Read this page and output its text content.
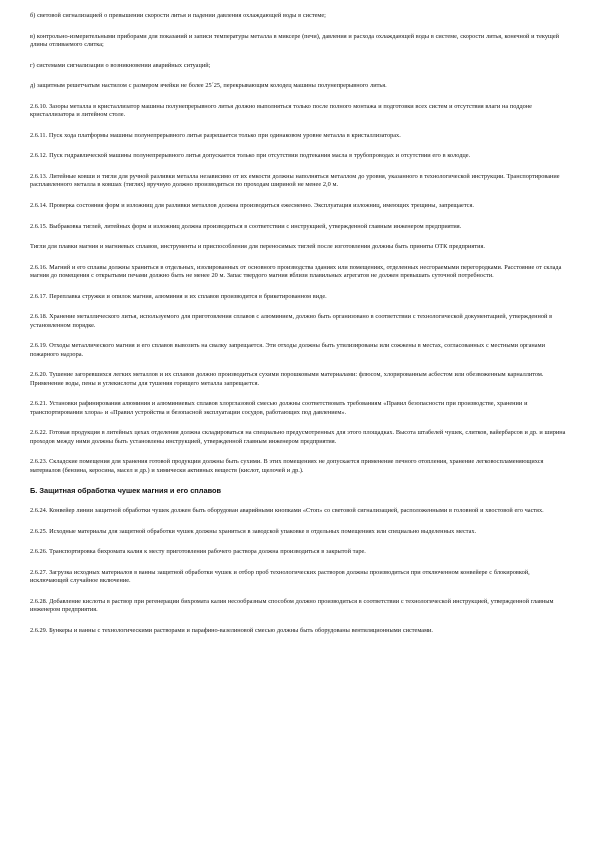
б) световой сигнализацией о превышении скорости литья и падении давления охлаждающей воды в системе;

в) контрольно-измерительными приборами для показаний и записи температуры металла в миксере (печи), давления и расхода охлаждающей воды в системе, скорости литья, конечной и текущей длины отливаемого слитка;

г) системами сигнализации о возникновении аварийных ситуаций;

д) защитным решетчатым настилом с размером ячейки не более 25´25, перекрывающим колодец машины полунепрерывного литья.

2.6.10. Зазоры металла в кристаллизатор машины полунепрерывного литья должно выполняться только после полного монтажа и подготовки всех систем и отсутствия влаги на поддоне кристаллизатора и литейном столе.

2.6.11. Пуск хода платформы машины полунепрерывного литья разрешается только при одинаковом уровне металла в кристаллизаторах.

2.6.12. Пуск гидравлической машины полунепрерывного литья допускается только при отсутствии подтекания масла в трубопроводах и отсутствии его в колодце.

2.6.13. Литейные ковши и тигли для ручной разливки металла независимо от их емкости должны наполняться металлом до уровня, указанного в технологической инструкции. Транспортирование расплавленного металла в ковшах (тиглях) вручную должно производиться по проходам шириной не менее 2,0 м.

2.6.14. Проверка состояния форм и изложниц для разливки металлов должна производиться ежесменно. Эксплуатация изложниц, имеющих трещины, запрещается.

2.6.15. Выбраковка тиглей, литейных форм и изложниц должна производиться в соответствии с инструкцией, утвержденной главным инженером предприятия.

Тигли для плавки магния и магниевых сплавов, инструменты и приспособления для переносимых тиглей после изготовления должны быть приняты ОТК предприятия.

2.6.16. Магний и его сплавы должны храниться в отдельных, изолированных от основного производства зданиях или помещениях, отделенных несгораемыми перегородками. Расстояние от склада магния до помещения с открытыми печами должно быть не менее 20 м. Запас твердого магния вблизи плавильных агрегатов не должен превышать суточной потребности.

2.6.17. Переплавка стружки и опилок магния, алюминия и их сплавов производится в брикетированном виде.

2.6.18. Хранение металлического литья, используемого для приготовления сплавов с алюминием, должно быть организовано в соответствии с технологической документацией, утвержденной в установленном порядке.

2.6.19. Отходы металлического магния и его сплавов вывозить на свалку запрещается. Эти отходы должны быть утилизированы или сожжены в местах, согласованных с местными органами пожарного надзора.

2.6.20. Тушение загоревшихся легких металлов и их сплавов должно производиться сухими порошковыми материалами: флюсом, хлорированным асбестом или обезвоженным карналлитом. Применение воды, пены и углекислоты для тушения горящего металла запрещается.

2.6.21. Установки рафинирования алюминия и алюминиевых сплавов хлорглазовой смесью должны соответствовать требованиям «Правил безопасности при производстве, хранении и транспортировании хлора» и «Правил устройства и безопасной эксплуатации сосудов, работающих под давлением».

2.6.22. Готовая продукция в литейных цехах отделения должна складироваться на специально предусмотренных для этого площадках. Высота штабелей чушек, слитков, вайербарсов и др. и ширина проходов между ними должны быть установлены инструкцией, утвержденной главным инженером предприятия.

2.6.23. Складские помещения для хранения готовой продукции должны быть сухими. В этих помещениях не допускается применение печного отопления, хранение легковоспламеняющихся материалов (бензина, керосина, масел и др.) и химически активных веществ (кислот, щелочей и др.).

Б. Защитная обработка чушек магния и его сплавов

2.6.24. Конвейер линии защитной обработки чушек должен быть оборудован аварийными кнопками «Стоп» со световой сигнализацией, расположенными в головной и хвостовой его частях.

2.6.25. Исходные материалы для защитной обработки чушек должны храниться в заводской упаковке в отдельных помещениях или специально выделенных местах.

2.6.26. Транспортировка бихромата калия к месту приготовления рабочего раствора должна производиться в закрытой таре.

2.6.27. Загрузка исходных материалов в ванны защитной обработки чушек и отбор проб технологических растворов должны производиться при отключенном конвейере с блокировкой, исключающей случайное включение.

2.6.28. Добавление кислоты в раствор при регенерации бихромата калия несообразным способом должно производиться в соответствии с технологической инструкцией, утвержденной главным инженером предприятия.

2.6.29. Бункеры и ванны с технологическими растворами и парафино-вазелиновой смесью должны быть оборудованы вентиляционными системами.
